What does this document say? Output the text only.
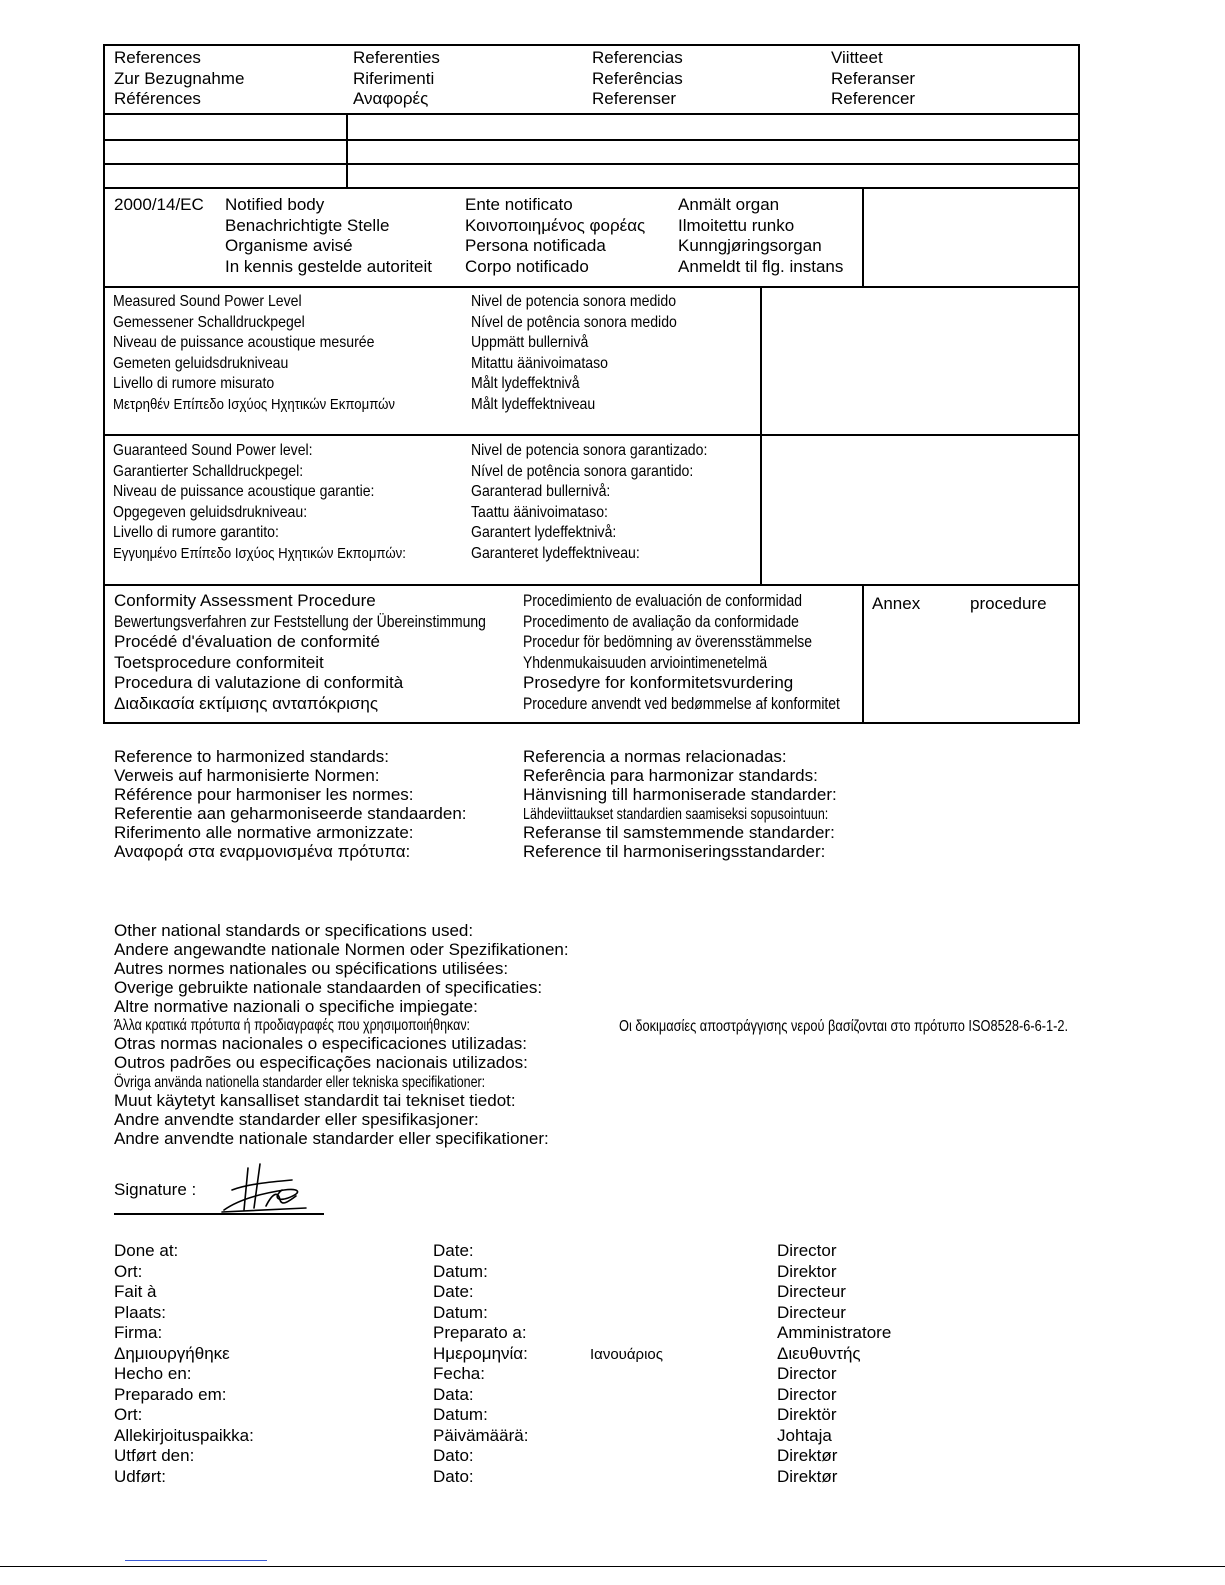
References
Zur Bezugnahme
Références
Referenties
Riferimenti
Αναφορές
Referencias
Referências
Referenser
Viitteet
Referanser
Referencer
2000/14/EC Notified body
Benachrichtigte Stelle
Organisme avisé
In kennis gestelde autoriteit
Ente notificato
Κοινοποιημένος φορέας
Persona notificada
Corpo notificado
Anmält organ
Ilmoitettu runko
Kunngjøringsorgan
Anmeldt til flg. instans
Measured Sound Power Level
Gemessener Schalldruckpegel
Niveau de puissance acoustique mesurée
Gemeten geluidsdrukniveau
Livello di rumore misurato
Μετρηθέν Επίπεδο Ισχύος Ηχητικών Εκπομπών
Nivel de potencia sonora medido
Nível de potência sonora medido
Uppmätt bullernivå
Mitattu äänivoimataso
Målt lydeffektnivå
Målt lydeffektniveau
Guaranteed Sound Power level:
Garantierter Schalldruckpegel:
Niveau de puissance acoustique garantie:
Opgegeven geluidsdrukniveau:
Livello di rumore garantito:
Εγγυημένο Επίπεδο Ισχύος Ηχητικών Εκπομπών:
Nivel de potencia sonora garantizado:
Nível de potência sonora garantido:
Garanterad bullernivå:
Taattu äänivoimataso:
Garantert lydeffektnivå:
Garanteret lydeffektniveau:
Conformity Assessment Procedure
Bewertungsverfahren zur Feststellung der Übereinstimmung
Procédé d'évaluation de conformité
Toetsprocedure conformiteit
Procedura di valutazione di conformità
Διαδικασία εκτίμισης ανταπόκρισης
Procedimiento de evaluación de conformidad
Procedimento de avaliação da conformidade
Procedur för bedömning av överensstämmelse
Yhdenmukaisuuden arviointimenetelmä
Prosedyre for konformitetsvurdering
Procedure anvendt ved bedømmelse af konformitet
Annex	procedure
Reference to harmonized standards:
Verweis auf harmonisierte Normen:
Référence pour harmoniser les normes:
Referentie aan geharmoniseerde standaarden:
Riferimento alle normative armonizzate:
Αναφορά στα εναρμονισμένα πρότυπα:
Referencia a normas relacionadas:
Referência para harmonizar standards:
Hänvisning till harmoniserade standarder:
Lähdeviittaukset standardien saamiseksi sopusointuun:
Referanse til samstemmende standarder:
Reference til harmoniseringsstandarder:
Other national standards or specifications used:
Andere angewandte nationale Normen oder Spezifikationen:
Autres normes nationales ou spécifications utilisées:
Overige gebruikte nationale standaarden of specificaties:
Altre normative nazionali o specifiche impiegate:
Άλλα κρατικά πρότυπα ή προδιαγραφές που χρησιμοποιήθηκαν:
Otras normas nacionales o especificaciones utilizadas:
Outros padrões ou especificações nacionais utilizados:
Övriga använda nationella standarder eller tekniska specifikationer:
Muut käytetyt kansalliset standardit tai tekniset tiedot:
Andre anvendte standarder eller spesifikasjoner:
Andre anvendte nationale standarder eller specifikationer:
Οι δοκιμασίες αποστράγγισης νερού βασίζονται στο πρότυπο ISO8528-6-6-1-2.
Signature :
Done at:
Ort:
Fait à
Plaats:
Firma:
Δημιουργήθηκε
Hecho en:
Preparado em:
Ort:
Allekirjoituspaikka:
Utført den:
Udført:
Date:
Datum:
Date:
Datum:
Preparato a:
Ημερομηνία:
Fecha:
Data:
Datum:
Päivämäärä:
Dato:
Dato:
Ιανουάριος
Director
Direktor
Directeur
Directeur
Amministratore
Διευθυντής
Director
Director
Direktör
Johtaja
Direktør
Direktør
